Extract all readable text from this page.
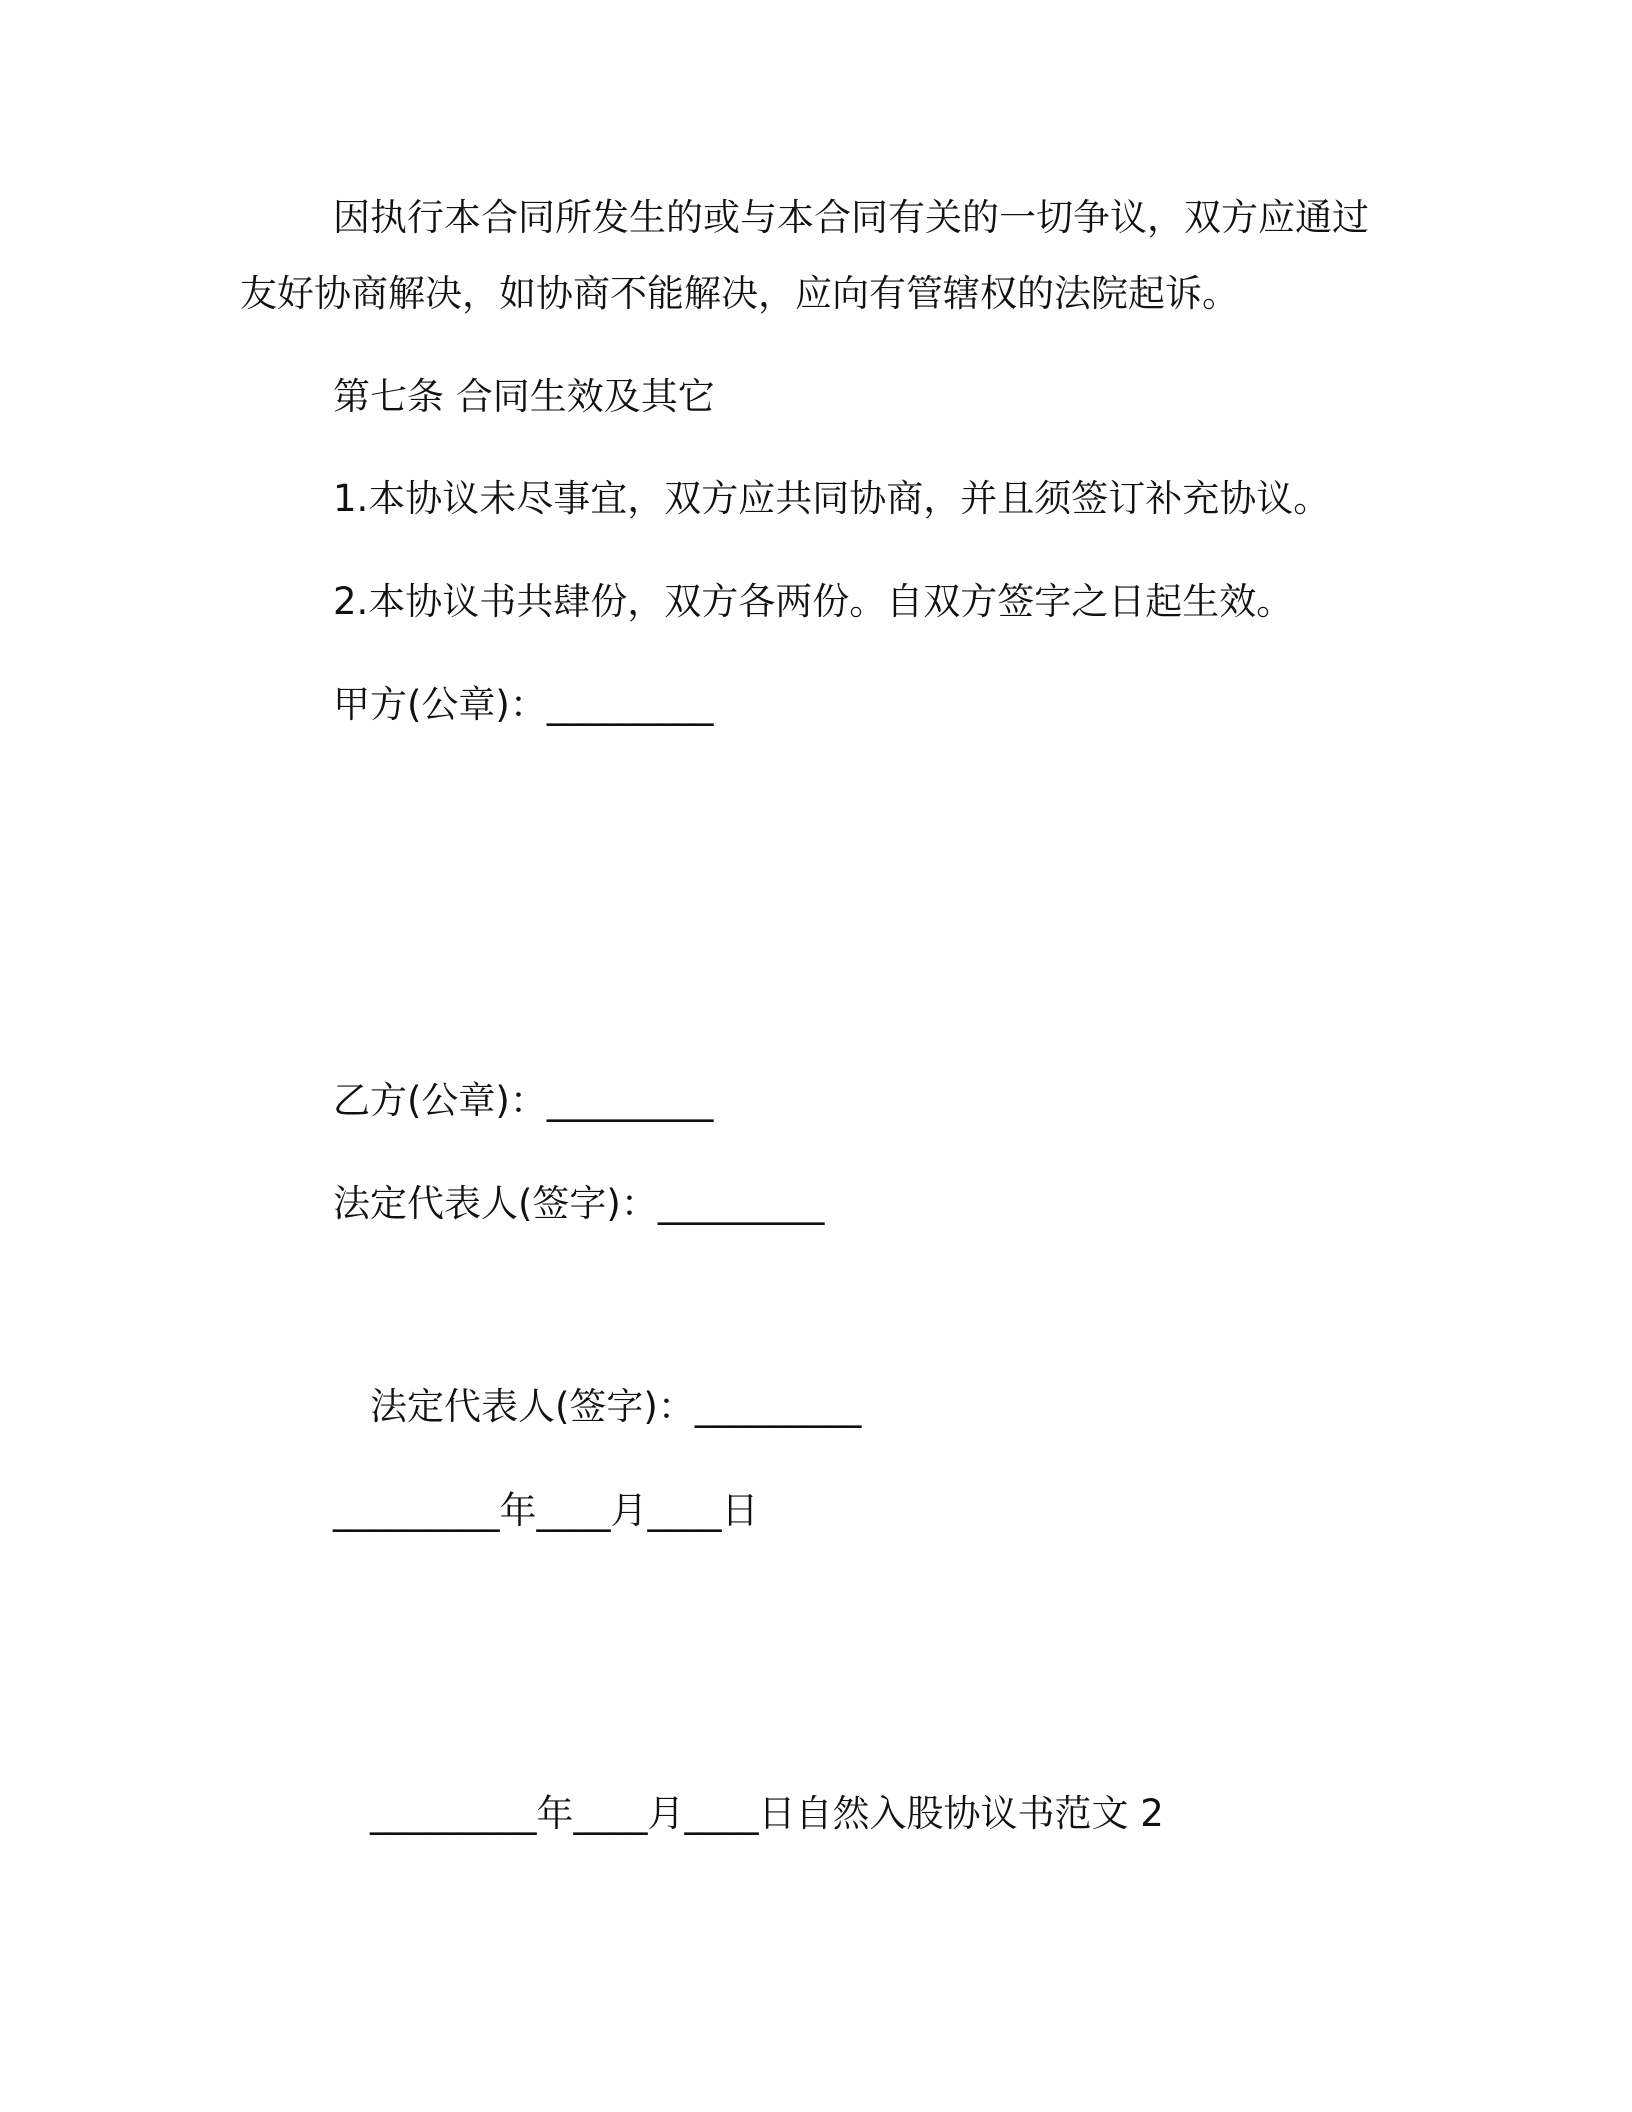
因执行本合同所发生的或与本合同有关的一切争议，双方应通过
友好协商解决，如协商不能解决，应向有管辖权的法院起诉。
第七条 合同生效及其它
1.本协议未尽事宜，双方应共同协商，并且须签订补充协议。
2.本协议书共肆份，双方各两份。自双方签字之日起生效。
甲方(公章)：_________
乙方(公章)：_________
法定代表人(签字)：_________
法定代表人(签字)：_________
_________年____月____日
_________年____月____日自然入股协议书范文 2
